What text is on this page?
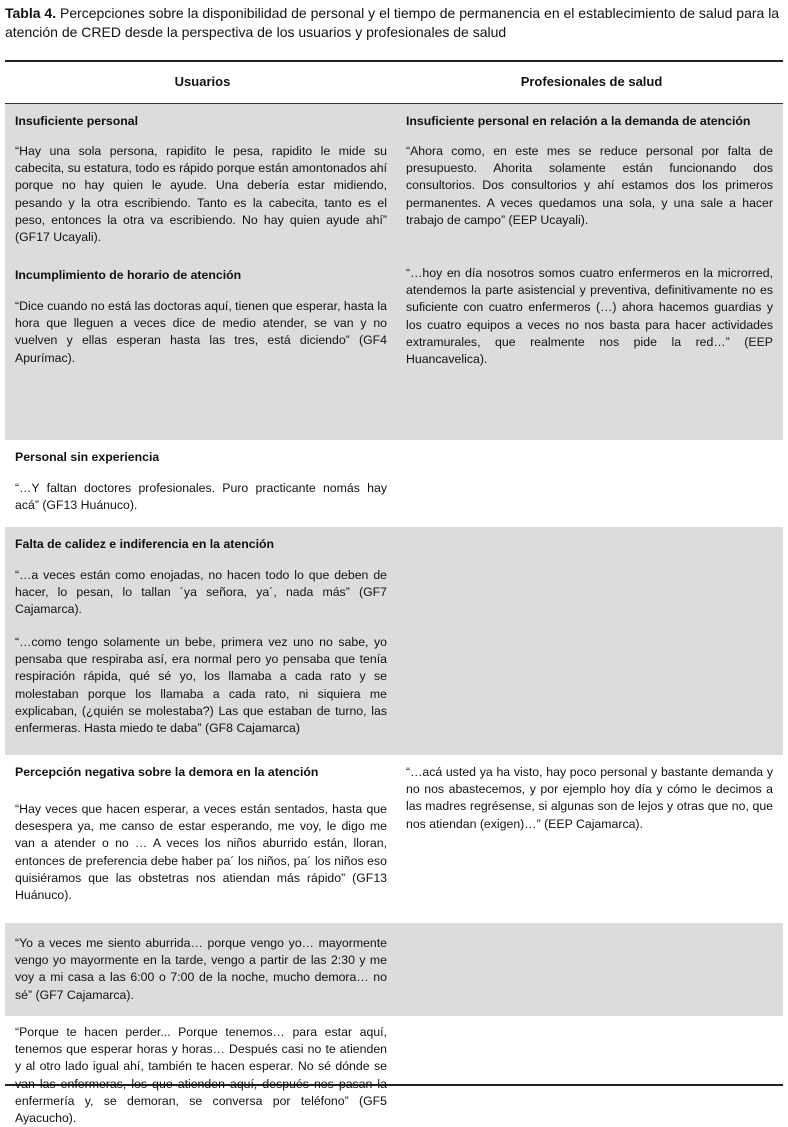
Tabla 4. Percepciones sobre la disponibilidad de personal y el tiempo de permanencia en el establecimiento de salud para la atención de CRED desde la perspectiva de los usuarios y profesionales de salud
Usuarios	Profesionales de salud
Insuficiente personal
“Hay una sola persona, rapidito le pesa, rapidito le mide su cabecita, su estatura, todo es rápido porque están amontonados ahí porque no hay quien le ayude. Una debería estar midiendo, pesando y la otra escribiendo. Tanto es la cabecita, tanto es el peso, entonces la otra va escribiendo. No hay quien ayude ahí” (GF17 Ucayali).
Incumplimiento de horario de atención
“Dice cuando no está las doctoras aquí, tienen que esperar, hasta la hora que lleguen a veces dice de medio atender, se van y no vuelven y ellas esperan hasta las tres, está diciendo” (GF4 Apurímac).
Insuficiente personal en relación a la demanda de atención
“Ahora como, en este mes se reduce personal por falta de presupuesto. Ahorita solamente están funcionando dos consultorios. Dos consultorios y ahí estamos dos los primeros permanentes. A veces quedamos una sola, y una sale a hacer trabajo de campo” (EEP Ucayali).
“…hoy en día nosotros somos cuatro enfermeros en la microrred, atendemos la parte asistencial y preventiva, definitivamente no es suficiente con cuatro enfermeros (…) ahora hacemos guardias y los cuatro equipos a veces no nos basta para hacer actividades extramurales, que realmente nos pide la red…” (EEP Huancavelica).
Personal sin experiencia
“…Y faltan doctores profesionales. Puro practicante nomás hay acá” (GF13 Huánuco).
Falta de calidez e indiferencia en la atención
“…a veces están como enojadas, no hacen todo lo que deben de hacer, lo pesan, lo tallan ´ya señora, ya´, nada más” (GF7 Cajamarca).
“…como tengo solamente un bebe, primera vez uno no sabe, yo pensaba que respiraba así, era normal pero yo pensaba que tenía respiración rápida, qué sé yo, los llamaba a cada rato y se molestaban porque los llamaba a cada rato, ni siquiera me explicaban, (¿quién se molestaba?) Las que estaban de turno, las enfermeras. Hasta miedo te daba” (GF8 Cajamarca)
Percepción negativa sobre la demora en la atención
“Hay veces que hacen esperar, a veces están sentados, hasta que desespera ya, me canso de estar esperando, me voy, le digo me van a atender o no … A veces los niños aburrido están, lloran, entonces de preferencia debe haber pa´ los niños, pa´ los niños eso quisiéramos que las obstetras nos atiendan más rápido” (GF13 Huánuco).
“…acá usted ya ha visto, hay poco personal y bastante demanda y no nos abastecemos, y por ejemplo hoy día y cómo le decimos a las madres regrésense, si algunas son de lejos y otras que no, que nos atiendan (exigen)…” (EEP Cajamarca).
“Yo a veces me siento aburrida… porque vengo yo… mayormente vengo yo mayormente en la tarde, vengo a partir de las 2:30 y me voy a mi casa a las 6:00 o 7:00 de la noche, mucho demora… no sé” (GF7 Cajamarca).
“Porque te hacen perder... Porque tenemos… para estar aquí, tenemos que esperar horas y horas… Después casi no te atienden y al otro lado igual ahí, también te hacen esperar. No sé dónde se van las enfermeras, los que atienden aquí, después nos pasan la enfermería y, se demoran, se conversa por teléfono” (GF5 Ayacucho).
